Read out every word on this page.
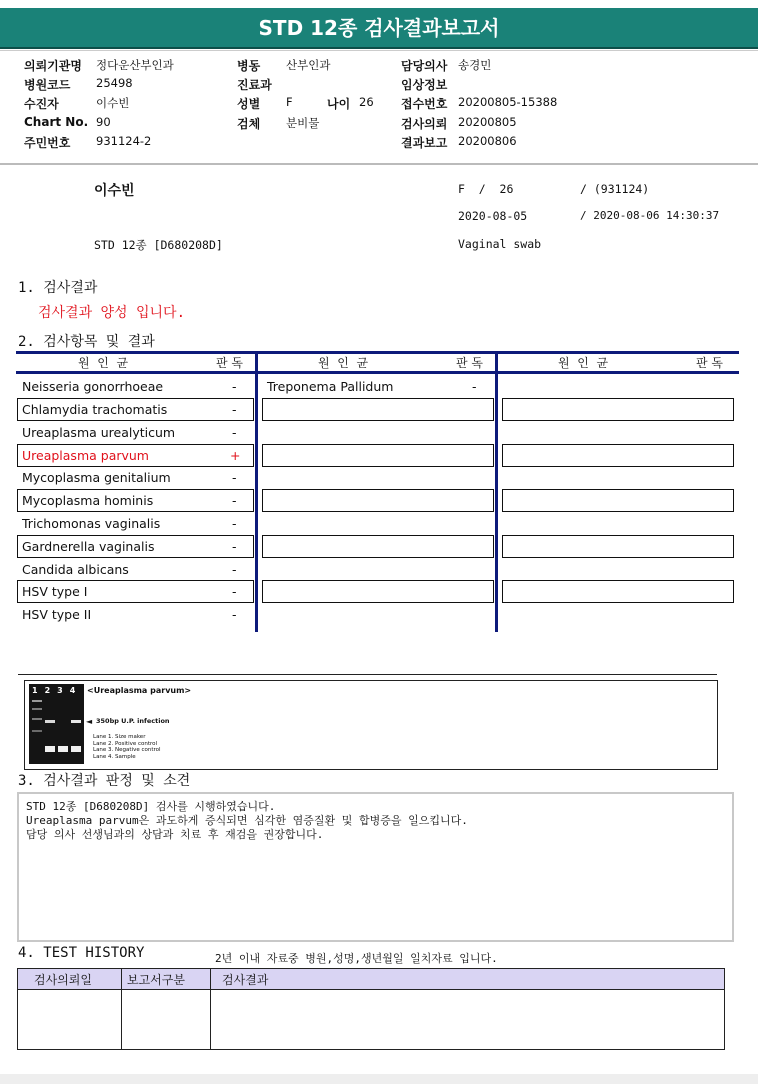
STD 12종 검사결과보고서
의뢰기관명 정다운산부인과
병원코드 25498
수진자	이수빈
Chart No. 90
주민번호 931124-2
병동 산부인과
진료과
성별 F	나이 26
검체 분비물
담당의사 송경민
임상정보
접수번호 20200805-15388
검사의뢰 20200805
결과보고 20200806
이수빈	F  /  26	/ (931124)
2020-08-05	/ 2020-08-06 14:30:37
STD 12종 [D680208D]	Vaginal swab
1. 검사결과
검사결과 양성 입니다.
2. 검사항목 및 결과
원  인  균	판 독	원  인  균	판 독	원  인  균	판 독
Neisseria gonorrhoeae	-
Chlamydia trachomatis	-
Ureaplasma urealyticum	-
Ureaplasma parvum	+
Mycoplasma genitalium	-
Mycoplasma hominis	-
Trichomonas vaginalis	-
Gardnerella vaginalis	-
Candida albicans	-
HSV type I	-
HSV type II	-
Treponema Pallidum	-
1234 <Ureaplasma parvum>
◄ 350bp U.P. infection
Lane 1. Size maker
Lane 2. Positive control
Lane 3. Negative control
Lane 4. Sample
3. 검사결과 판정 및 소견
STD 12종 [D680208D] 검사를 시행하였습니다.
Ureaplasma parvum은 과도하게 증식되면 심각한 염증질환 및 합병증을 일으킵니다.
담당 의사 선생님과의 상담과 치료 후 재검을 권장합니다.
4. TEST HISTORY	2년 이내 자료중 병원,성명,생년월일 일치자료 입니다.
검사의뢰일	보고서구분	검사결과
